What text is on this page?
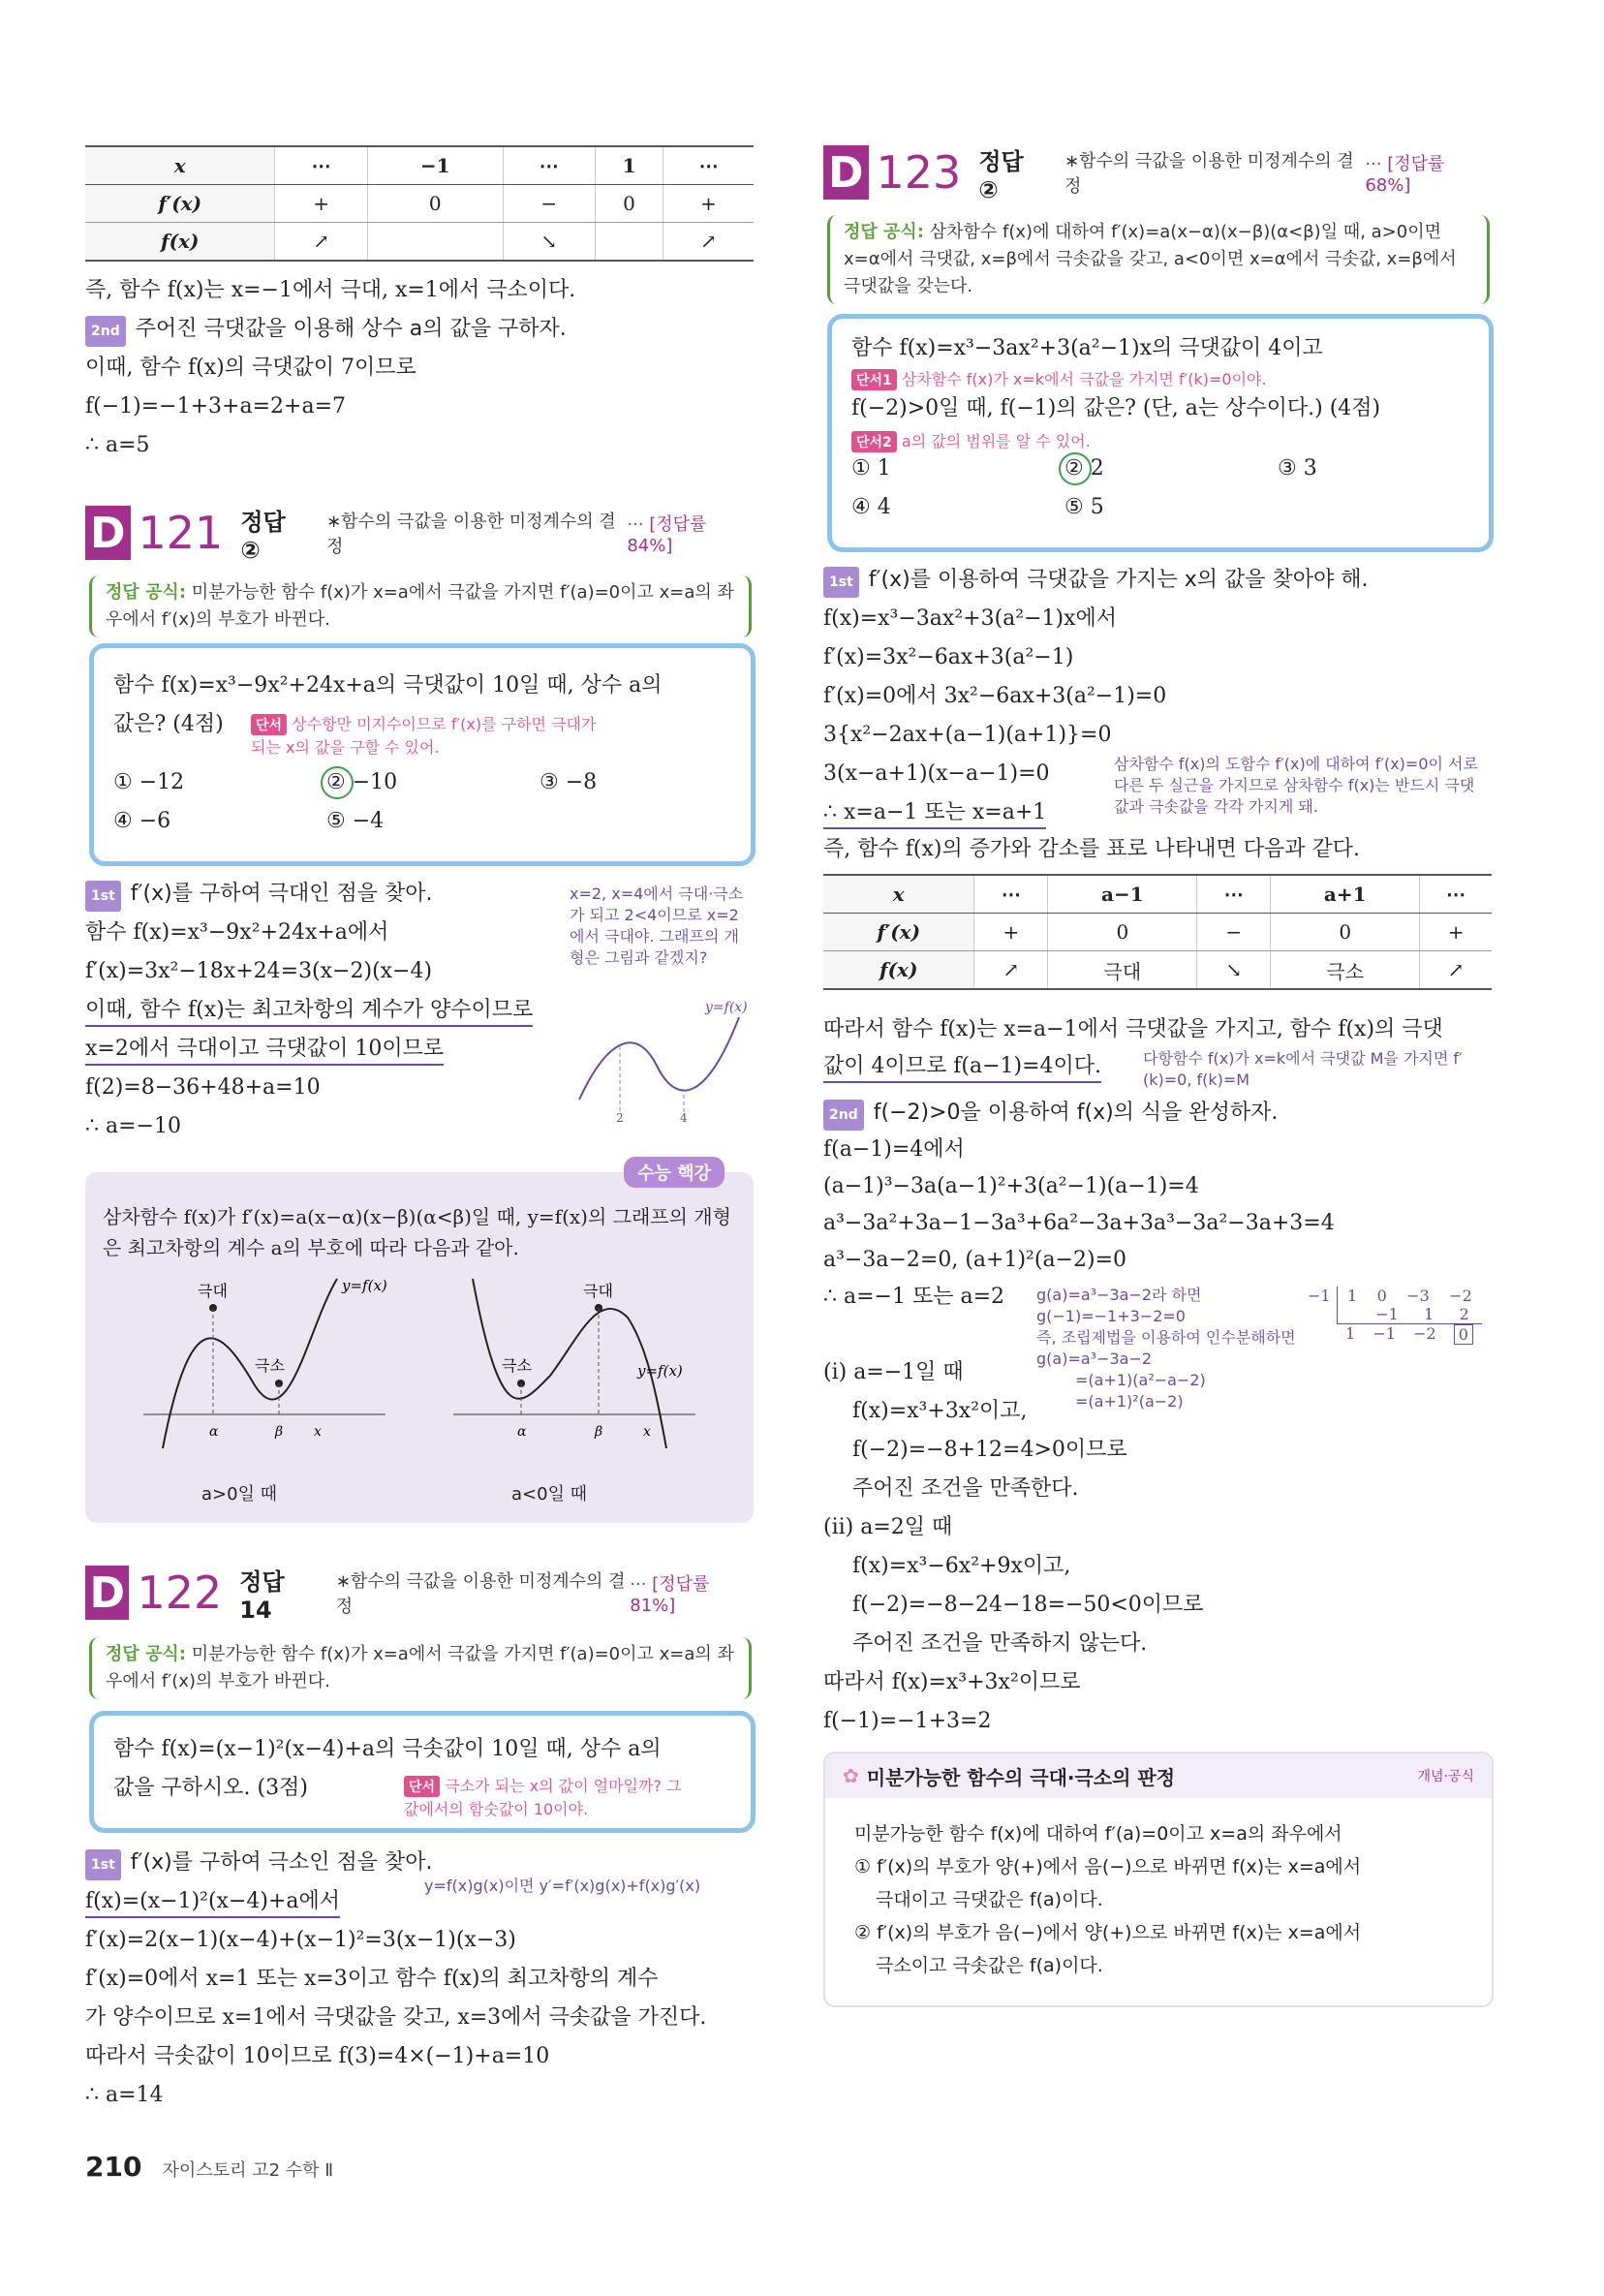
x	⋯	−1	⋯	1	⋯
f′(x)	+	0	−	0	+
f(x)	↗		↘		↗
즉, 함수 f(x)는 x=−1에서 극대, x=1에서 극소이다.
2nd 주어진 극댓값을 이용해 상수 a의 값을 구하자.
이때, 함수 f(x)의 극댓값이 7이므로
f(−1)=−1+3+a=2+a=7
∴ a=5
D 121 정답 ②
∗함수의 극값을 이용한 미정계수의 결정
··· [정답률 84%]
정답 공식: 미분가능한 함수 f(x)가 x=a에서 극값을 가지면 f′(a)=0이고 x=a의 좌우에서 f′(x)의 부호가 바뀐다.
함수 f(x)=x³−9x²+24x+a의 극댓값이 10일 때, 상수 a의
값은? (4점)	단서 상수항만 미지수이므로 f′(x)를 구하면 극대가 되는 x의 값을 구할 수 있어.
① −12	② −10	③ −8
④ −6	⑤ −4
1st f′(x)를 구하여 극대인 점을 찾아.
함수 f(x)=x³−9x²+24x+a에서
f′(x)=3x²−18x+24=3(x−2)(x−4)
이때, 함수 f(x)는 최고차항의 계수가 양수이므로
x=2에서 극대이고 극댓값이 10이므로
f(2)=8−36+48+a=10
∴ a=−10
x=2, x=4에서 극대·극소가 되고 2<4이므로 x=2에서 극대야. 그래프의 개형은 그림과 같겠지?
y=f(x)
2	4
수능 핵강
삼차함수 f(x)가 f′(x)=a(x−α)(x−β)(α<β)일 때, y=f(x)의 그래프의 개형은 최고차항의 계수 a의 부호에 따라 다음과 같아.
극대
극소
y=f(x)
α	β x
a>0일 때
극대
극소	y=f(x)
α	β	x
a<0일 때
D 122 정답 14
∗함수의 극값을 이용한 미정계수의 결정
··· [정답률 81%]
정답 공식: 미분가능한 함수 f(x)가 x=a에서 극값을 가지면 f′(a)=0이고 x=a의 좌우에서 f′(x)의 부호가 바뀐다.
함수 f(x)=(x−1)²(x−4)+a의 극솟값이 10일 때, 상수 a의
값을 구하시오. (3점)	단서 극소가 되는 x의 값이 얼마일까? 그 값에서의 함숫값이 10이야.
1st f′(x)를 구하여 극소인 점을 찾아.
f(x)=(x−1)²(x−4)+a에서
f′(x)=2(x−1)(x−4)+(x−1)²=3(x−1)(x−3)
f′(x)=0에서 x=1 또는 x=3이고 함수 f(x)의 최고차항의 계수
가 양수이므로 x=1에서 극댓값을 갖고, x=3에서 극솟값을 가진다.
따라서 극솟값이 10이므로 f(3)=4×(−1)+a=10
∴ a=14
y=f(x)g(x)이면 y′=f′(x)g(x)+f(x)g′(x)
D 123 정답 ②
∗함수의 극값을 이용한 미정계수의 결정
··· [정답률 68%]
정답 공식: 삼차함수 f(x)에 대하여 f′(x)=a(x−α)(x−β)(α<β)일 때, a>0이면 x=α에서 극댓값, x=β에서 극솟값을 갖고, a<0이면 x=α에서 극솟값, x=β에서 극댓값을 갖는다.
함수 f(x)=x³−3ax²+3(a²−1)x의 극댓값이 4이고
단서1 삼차함수 f(x)가 x=k에서 극값을 가지면 f′(k)=0이야.
f(−2)>0일 때, f(−1)의 값은? (단, a는 상수이다.) (4점)
단서2 a의 값의 범위를 알 수 있어.
① 1	② 2	③ 3
④ 4	⑤ 5
1st f′(x)를 이용하여 극댓값을 가지는 x의 값을 찾아야 해.
f(x)=x³−3ax²+3(a²−1)x에서
f′(x)=3x²−6ax+3(a²−1)
f′(x)=0에서 3x²−6ax+3(a²−1)=0
3{x²−2ax+(a−1)(a+1)}=0
3(x−a+1)(x−a−1)=0
∴ x=a−1 또는 x=a+1
즉, 함수 f(x)의 증가와 감소를 표로 나타내면 다음과 같다.
삼차함수 f(x)의 도함수 f′(x)에 대하여 f′(x)=0이 서로 다른 두 실근을 가지므로 삼차함수 f(x)는 반드시 극댓값과 극솟값을 각각 가지게 돼.
x	⋯	a−1	⋯	a+1	⋯
f′(x)	+	0	−	0	+
f(x)	↗	극대	↘	극소	↗
따라서 함수 f(x)는 x=a−1에서 극댓값을 가지고, 함수 f(x)의 극댓
값이 4이므로 f(a−1)=4이다.	다항함수 f(x)가 x=k에서 극댓값 M을 가지면 f′(k)=0, f(k)=M
2nd f(−2)>0을 이용하여 f(x)의 식을 완성하자.
f(a−1)=4에서
(a−1)³−3a(a−1)²+3(a²−1)(a−1)=4
a³−3a²+3a−1−3a³+6a²−3a+3a³−3a²−3a+3=4
a³−3a−2=0, (a+1)²(a−2)=0
∴ a=−1 또는 a=2
(i) a=−1일 때
f(x)=x³+3x²이고,
f(−2)=−8+12=4>0이므로
주어진 조건을 만족한다.
(ii) a=2일 때
f(x)=x³−6x²+9x이고,
f(−2)=−8−24−18=−50<0이므로
주어진 조건을 만족하지 않는다.
따라서 f(x)=x³+3x²이므로
f(−1)=−1+3=2
g(a)=a³−3a−2라 하면
g(−1)=−1+3−2=0
즉, 조립제법을 이용하여 인수분해하면
g(a)=a³−3a−2
=(a+1)(a²−a−2)
=(a+1)²(a−2)
−1	1 0 −3 −2
−1 1 2
1 −1 −2	0
✿ 미분가능한 함수의 극대·극소의 판정	개념·공식
미분가능한 함수 f(x)에 대하여 f′(a)=0이고 x=a의 좌우에서
① f′(x)의 부호가 양(+)에서 음(−)으로 바뀌면 f(x)는 x=a에서
극대이고 극댓값은 f(a)이다.
② f′(x)의 부호가 음(−)에서 양(+)으로 바뀌면 f(x)는 x=a에서
극소이고 극솟값은 f(a)이다.
210 자이스토리 고2 수학 Ⅱ
